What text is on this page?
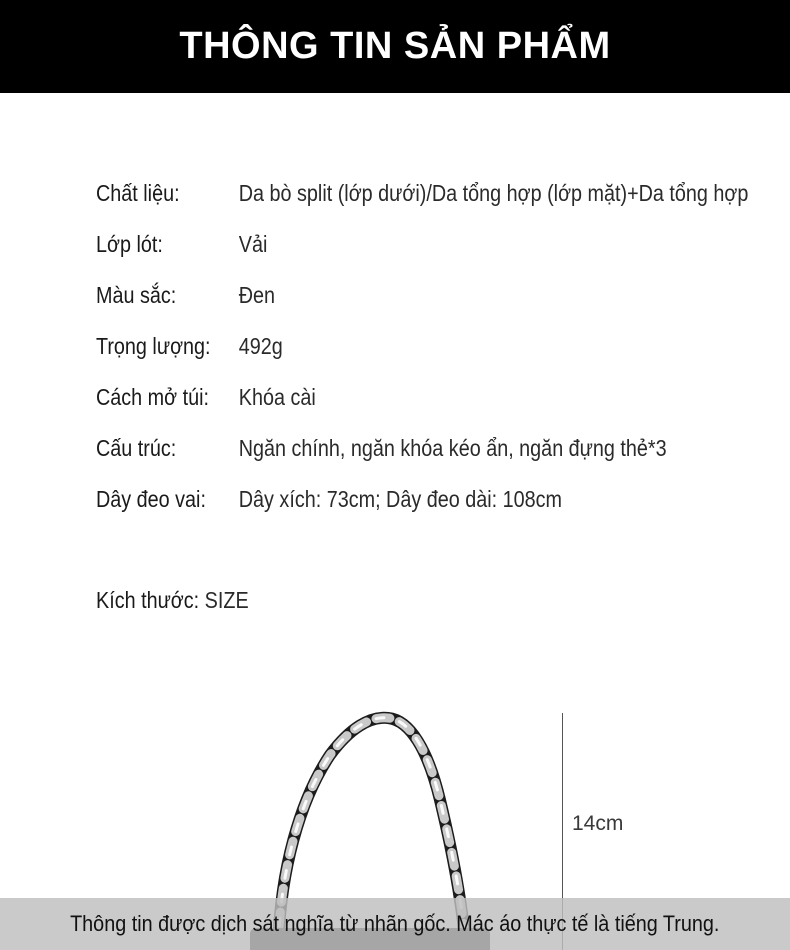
THÔNG TIN SẢN PHẨM
Chất liệu:	Da bò split (lớp dưới)/Da tổng hợp (lớp mặt)+Da tổng hợp
Lớp lót:	Vải
Màu sắc:	Đen
Trọng lượng:	492g
Cách mở túi:	Khóa cài
Cấu trúc:	Ngăn chính, ngăn khóa kéo ẩn, ngăn đựng thẻ*3
Dây đeo vai:	Dây xích: 73cm; Dây đeo dài: 108cm
Kích thước: SIZE
14cm
Thông tin được dịch sát nghĩa từ nhãn gốc. Mác áo thực tế là tiếng Trung.
